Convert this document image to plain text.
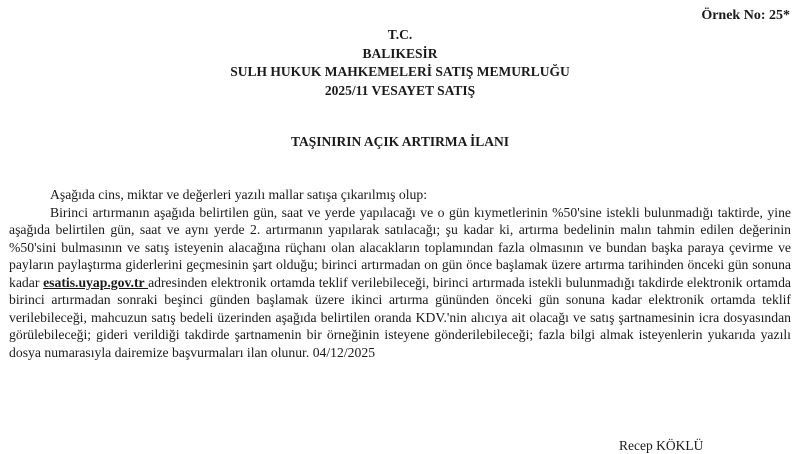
Örnek No: 25*
T.C.
BALIKESİR
SULH HUKUK MAHKEMELERİ SATIŞ MEMURLUĞU
2025/11 VESAYET SATIŞ
TAŞINIRIN AÇIK ARTIRMA İLANI

Aşağıda cins, miktar ve değerleri yazılı mallar satışa çıkarılmış olup:

Birinci artırmanın aşağıda belirtilen gün, saat ve yerde yapılacağı ve o gün kıymetlerinin %50'sine istekli bulunmadığı taktirde, yine aşağıda belirtilen gün, saat ve aynı yerde 2. artırmanın yapılarak satılacağı; şu kadar ki, artırma bedelinin malın tahmin edilen değerinin %50'sini bulmasının ve satış isteyenin alacağına rüçhanı olan alacakların toplamından fazla olmasının ve bundan başka paraya çevirme ve payların paylaştırma giderlerini geçmesinin şart olduğu; birinci artırmadan on gün önce başlamak üzere artırma tarihinden önceki gün sonuna kadar esatis.uyap.gov.tr adresinden elektronik ortamda teklif verilebileceği, birinci artırmada istekli bulunmadığı takdirde elektronik ortamda birinci artırmadan sonraki beşinci günden başlamak üzere ikinci artırma gününden önceki gün sonuna kadar elektronik ortamda teklif verilebileceği, mahcuzun satış bedeli üzerinden aşağıda belirtilen oranda KDV.'nin alıcıya ait olacağı ve satış şartnamesinin icra dosyasından görülebileceği; gideri verildiği takdirde şartnamenin bir örneğinin isteyene gönderilebileceği; fazla bilgi almak isteyenlerin yukarıda yazılı dosya numarasıyla dairemize başvurmaları ilan olunur. 04/12/2025

Recep KÖKLÜ
